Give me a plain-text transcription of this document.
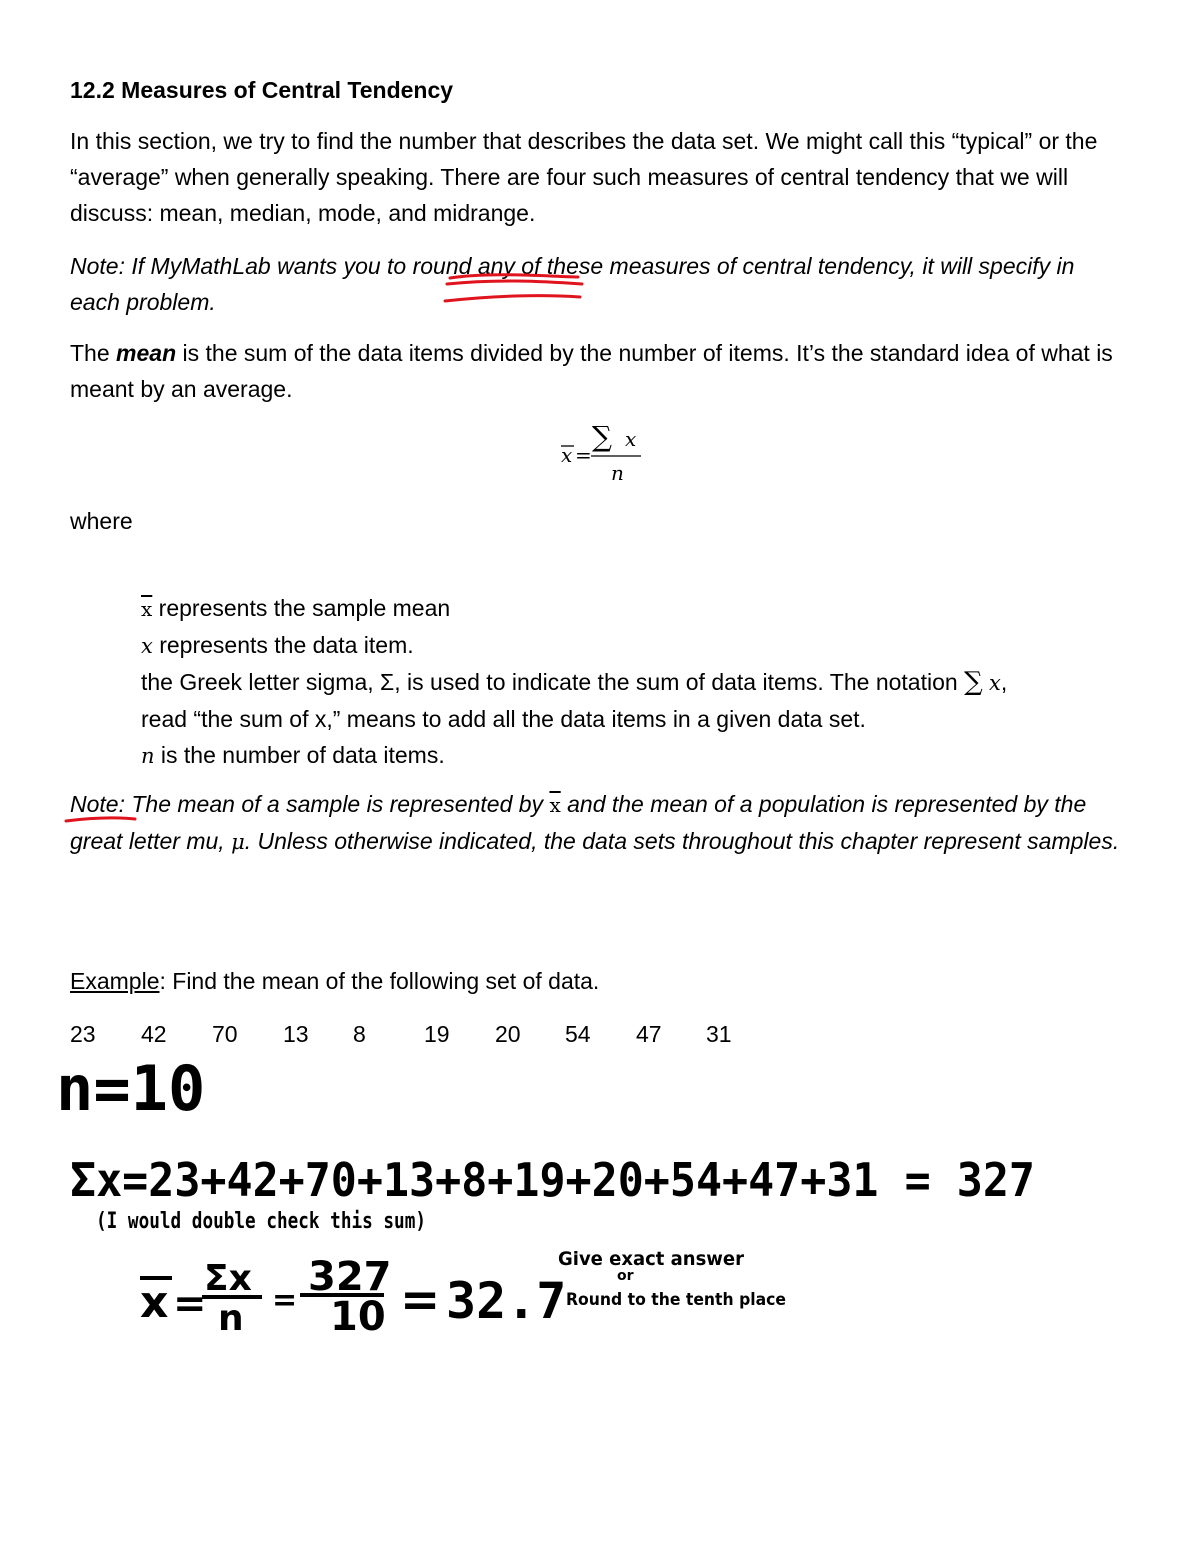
12.2 Measures of Central Tendency
In this section, we try to find the number that describes the data set. We might call this “typical” or the “average” when generally speaking. There are four such measures of central tendency that we will discuss: mean, median, mode, and midrange.
Note: If MyMathLab wants you to round any of these measures of central tendency, it will specify in each problem.
The mean is the sum of the data items divided by the number of items. It’s the standard idea of what is meant by an average.
x =
∑ x
n
where
$\overline{x}$ represents the sample mean
x represents the data item.
the Greek letter sigma, Σ, is used to indicate the sum of data items. The notation ∑ x,
read “the sum of x,” means to add all the data items in a given data set.
n is the number of data items.
Note: The mean of a sample is represented by $\overline{x}$ and the mean of a population is represented by the great letter mu, μ. Unless otherwise indicated, the data sets throughout this chapter represent samples.
Example: Find the mean of the following set of data.
23 42 70 13 8	19 20 54 47 31
n=10
Σx=23+42+70+13+8+19+20+54+47+31 = 327
(I would double check this sum)
x =
Σx
n =
327
10 = 32.7
Give exact answer
or
Round to the tenth place
